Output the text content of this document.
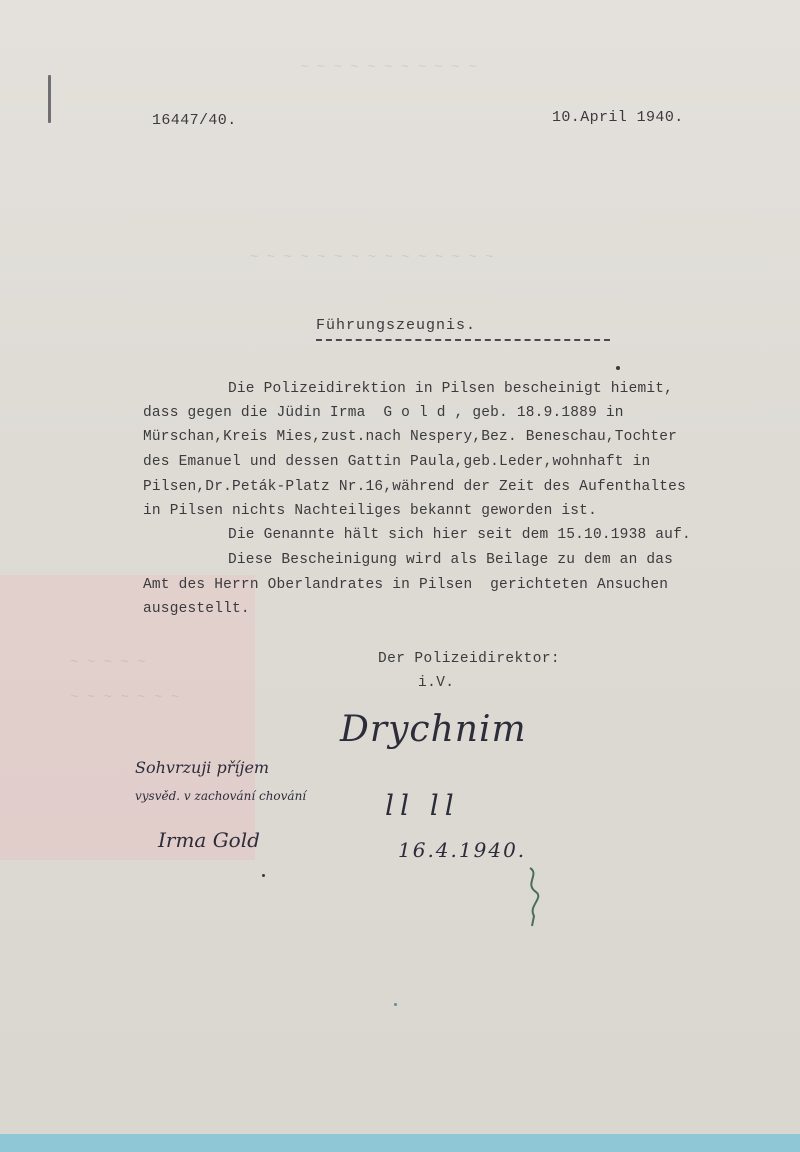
~ ~ ~ ~ ~ ~ ~ ~ ~ ~ ~
~ ~ ~ ~ ~ ~ ~ ~ ~ ~ ~ ~ ~ ~ ~
~ ~ ~ ~ ~
~ ~ ~ ~ ~ ~ ~
16447/40.	10.April 1940.
Führungszeugnis.
Die Polizeidirektion in Pilsen bescheinigt hiemit,
dass gegen die Jüdin Irma  G o l d , geb. 18.9.1889 in
Mürschan,Kreis Mies,zust.nach Nespery,Bez. Beneschau,Tochter
des Emanuel und dessen Gattin Paula,geb.Leder,wohnhaft in
Pilsen,Dr.Peták-Platz Nr.16,während der Zeit des Aufenthaltes
in Pilsen nichts Nachteiliges bekannt geworden ist.
Die Genannte hält sich hier seit dem 15.10.1938 auf.
Diese Bescheinigung wird als Beilage zu dem an das
Amt des Herrn Oberlandrates in Pilsen  gerichteten Ansuchen
ausgestellt.
Der Polizeidirektor:
i.V.
Drychnim
Sohvrzuji příjem
vysvěd. v zachování chování
Irma Gold
ll ll
16.4.1940.
